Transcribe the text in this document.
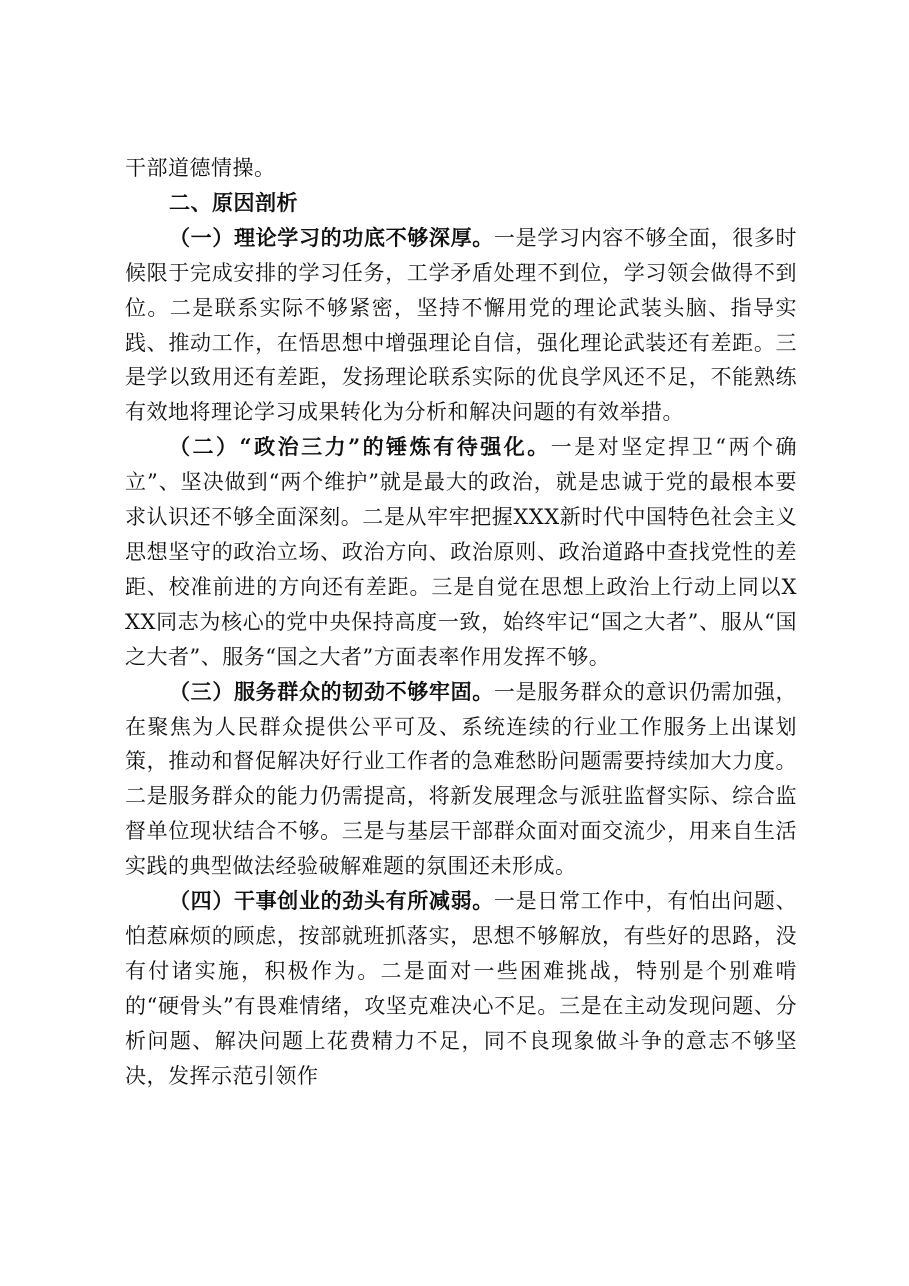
干部道德情操。

二、原因剖析

（一）理论学习的功底不够深厚。一是学习内容不够全面，很多时候限于完成安排的学习任务，工学矛盾处理不到位，学习领会做得不到位。二是联系实际不够紧密，坚持不懈用党的理论武装头脑、指导实践、推动工作，在悟思想中增强理论自信，强化理论武装还有差距。三是学以致用还有差距，发扬理论联系实际的优良学风还不足，不能熟练有效地将理论学习成果转化为分析和解决问题的有效举措。

（二）“政治三力”的锤炼有待强化。一是对坚定捍卫“两个确立”、坚决做到“两个维护”就是最大的政治，就是忠诚于党的最根本要求认识还不够全面深刻。二是从牢牢把握XXX新时代中国特色社会主义思想坚守的政治立场、政治方向、政治原则、政治道路中查找党性的差距、校准前进的方向还有差距。三是自觉在思想上政治上行动上同以XXX同志为核心的党中央保持高度一致，始终牢记“国之大者”、服从“国之大者”、服务“国之大者”方面表率作用发挥不够。

（三）服务群众的韧劲不够牢固。一是服务群众的意识仍需加强，在聚焦为人民群众提供公平可及、系统连续的行业工作服务上出谋划策，推动和督促解决好行业工作者的急难愁盼问题需要持续加大力度。二是服务群众的能力仍需提高，将新发展理念与派驻监督实际、综合监督单位现状结合不够。三是与基层干部群众面对面交流少，用来自生活实践的典型做法经验破解难题的氛围还未形成。

（四）干事创业的劲头有所减弱。一是日常工作中，有怕出问题、怕惹麻烦的顾虑，按部就班抓落实，思想不够解放，有些好的思路，没有付诸实施，积极作为。二是面对一些困难挑战，特别是个别难啃的“硬骨头”有畏难情绪，攻坚克难决心不足。三是在主动发现问题、分析问题、解决问题上花费精力不足，同不良现象做斗争的意志不够坚决，发挥示范引领作
